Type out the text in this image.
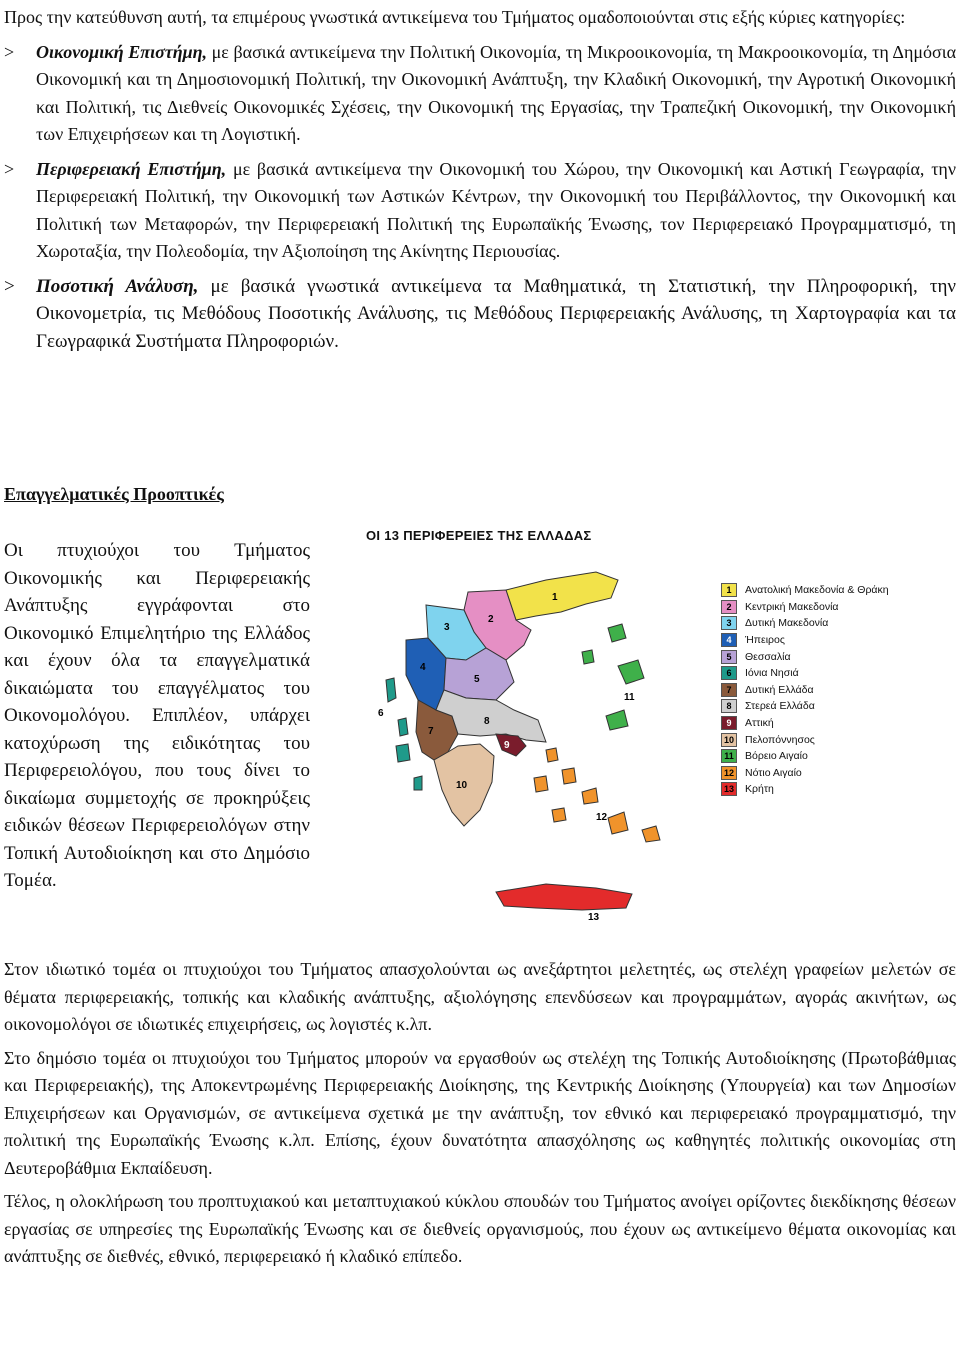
Προς την κατεύθυνση αυτή, τα επιμέρους γνωστικά αντικείμενα του Τμήματος ομαδοποιούνται στις εξής κύριες κατηγορίες:

>	Οικονομική Επιστήμη, με βασικά αντικείμενα την Πολιτική Οικονομία, τη Μικροοικονομία, τη Μακροοικονομία, τη Δημόσια Οικονομική και τη Δημοσιονομική Πολιτική, την Οικονομική Ανάπτυξη, την Κλαδική Οικονομική, την Αγροτική Οικονομική και Πολιτική, τις Διεθνείς Οικονομικές Σχέσεις, την Οικονομική της Εργασίας, την Τραπεζική Οικονομική, την Οικονομική των Επιχειρήσεων και τη Λογιστική.
>	Περιφερειακή Επιστήμη, με βασικά αντικείμενα την Οικονομική του Χώρου, την Οικονομική και Αστική Γεωγραφία, την Περιφερειακή Πολιτική, την Οικονομική των Αστικών Κέντρων, την Οικονομική του Περιβάλλοντος, την Οικονομική και Πολιτική των Μεταφορών, την Περιφερειακή Πολιτική της Ευρωπαϊκής Ένωσης, τον Περιφερειακό Προγραμματισμό, τη Χωροταξία, την Πολεοδομία, την Αξιοποίηση της Ακίνητης Περιουσίας.
>	Ποσοτική Ανάλυση, με βασικά γνωστικά αντικείμενα τα Μαθηματικά, τη Στατιστική, την Πληροφορική, την Οικονομετρία, τις Μεθόδους Ποσοτικής Ανάλυσης, τις Μεθόδους Περιφερειακής Ανάλυσης, τη Χαρτογραφία και τα Γεωγραφικά Συστήματα Πληροφοριών.
Επαγγελματικές Προοπτικές

Οι πτυχιούχοι του Τμήματος Οικονομικής και Περιφερειακής Ανάπτυξης εγγράφονται στο Οικονομικό Επιμελητήριο της Ελλάδος και έχουν όλα τα επαγγελματικά δικαιώματα του επαγγέλματος του Οικονομολόγου. Επιπλέον, υπάρχει κατοχύρωση της ειδικότητας του Περιφερειολόγου, που τους δίνει το δικαίωμα συμμετοχής σε προκηρύξεις ειδικών θέσεων Περιφερειολόγων στην Τοπική Αυτοδιοίκηση και στο Δημόσιο Τομέα.

ΟΙ 13 ΠΕΡΙΦΕΡΕΙΕΣ ΤΗΣ ΕΛΛΑΔΑΣ
1
2
3
4
5
6
7
8
9
10
11
12
13
1 Ανατολική Μακεδονία & Θράκη
2 Κεντρική Μακεδονία
3 Δυτική Μακεδονία
4 Ήπειρος
5 Θεσσαλία
6 Ιόνια Νησιά
7 Δυτική Ελλάδα
8 Στερεά Ελλάδα
9 Αττική
10 Πελοπόννησος
11 Βόρειο Αιγαίο
12 Νότιο Αιγαίο
13 Κρήτη

Στον ιδιωτικό τομέα οι πτυχιούχοι του Τμήματος απασχολούνται ως ανεξάρτητοι μελετητές, ως στελέχη γραφείων μελετών σε θέματα περιφερειακής, τοπικής και κλαδικής ανάπτυξης, αξιολόγησης επενδύσεων και προγραμμάτων, αγοράς ακινήτων, ως οικονομολόγοι σε ιδιωτικές επιχειρήσεις, ως λογιστές κ.λπ.

Στο δημόσιο τομέα οι πτυχιούχοι του Τμήματος μπορούν να εργασθούν ως στελέχη της Τοπικής Αυτοδιοίκησης (Πρωτοβάθμιας και Περιφερειακής), της Αποκεντρωμένης Περιφερειακής Διοίκησης, της Κεντρικής Διοίκησης (Υπουργεία) και των Δημοσίων Επιχειρήσεων και Οργανισμών, σε αντικείμενα σχετικά με την ανάπτυξη, τον εθνικό και περιφερειακό προγραμματισμό, την πολιτική της Ευρωπαϊκής Ένωσης κ.λπ. Επίσης, έχουν δυνατότητα απασχόλησης ως καθηγητές πολιτικής οικονομίας στη Δευτεροβάθμια Εκπαίδευση.

Τέλος, η ολοκλήρωση του προπτυχιακού και μεταπτυχιακού κύκλου σπουδών του Τμήματος ανοίγει ορίζοντες διεκδίκησης θέσεων εργασίας σε υπηρεσίες της Ευρωπαϊκής Ένωσης και σε διεθνείς οργανισμούς, που έχουν ως αντικείμενο θέματα οικονομίας και ανάπτυξης σε διεθνές, εθνικό, περιφερειακό ή κλαδικό επίπεδο.
